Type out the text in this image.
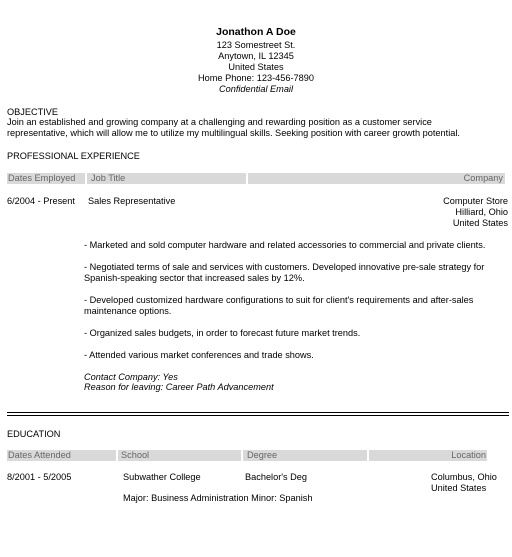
Jonathon A Doe
123 Somestreet St.
Anytown, IL 12345
United States
Home Phone: 123-456-7890
Confidential Email
OBJECTIVE
Join an established and growing company at a challenging and rewarding position as a customer service
representative, which will allow me to utilize my multilingual skills. Seeking position with career growth potential.
PROFESSIONAL EXPERIENCE
Dates Employed Job Title	Company
6/2004 - Present Sales Representative	Computer Store
Hilliard, Ohio
United States
- Marketed and sold computer hardware and related accessories to commercial and private clients.
- Negotiated terms of sale and services with customers. Developed innovative pre-sale strategy for Spanish-speaking sector that increased sales by 12%.
- Developed customized hardware configurations to suit for client's requirements and after-sales maintenance options.
- Organized sales budgets, in order to forecast future market trends.
- Attended various market conferences and trade shows.
Contact Company: Yes
Reason for leaving: Career Path Advancement
EDUCATION
Dates Attended	School	Degree	Location
8/2001 - 5/2005	Subwather College	Bachelor's Deg	Columbus, Ohio
United States
Major: Business Administration Minor: Spanish
